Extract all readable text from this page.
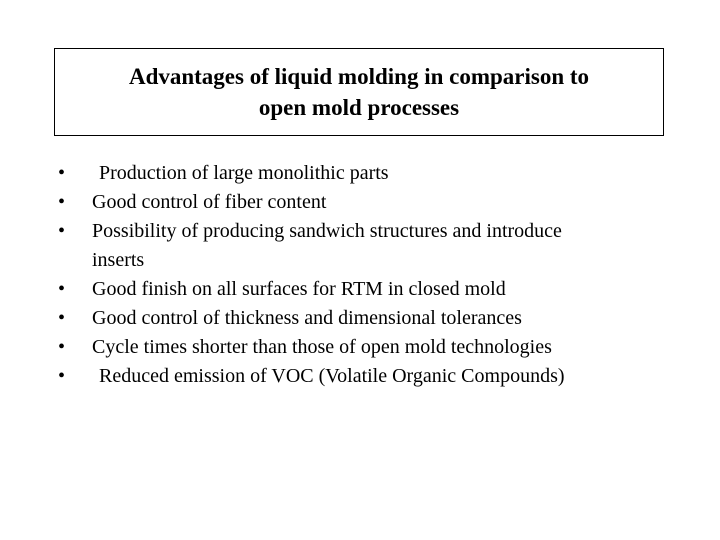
Advantages of liquid molding in comparison to
open mold processes
•	Production of large monolithic parts
•	Good control of fiber content
•	Possibility of producing sandwich structures and introduce
inserts
•	Good finish on all surfaces for RTM in closed mold
•	Good control of thickness and dimensional tolerances
•	Cycle times shorter than those of open mold technologies
•	Reduced emission of VOC (Volatile Organic Compounds)
